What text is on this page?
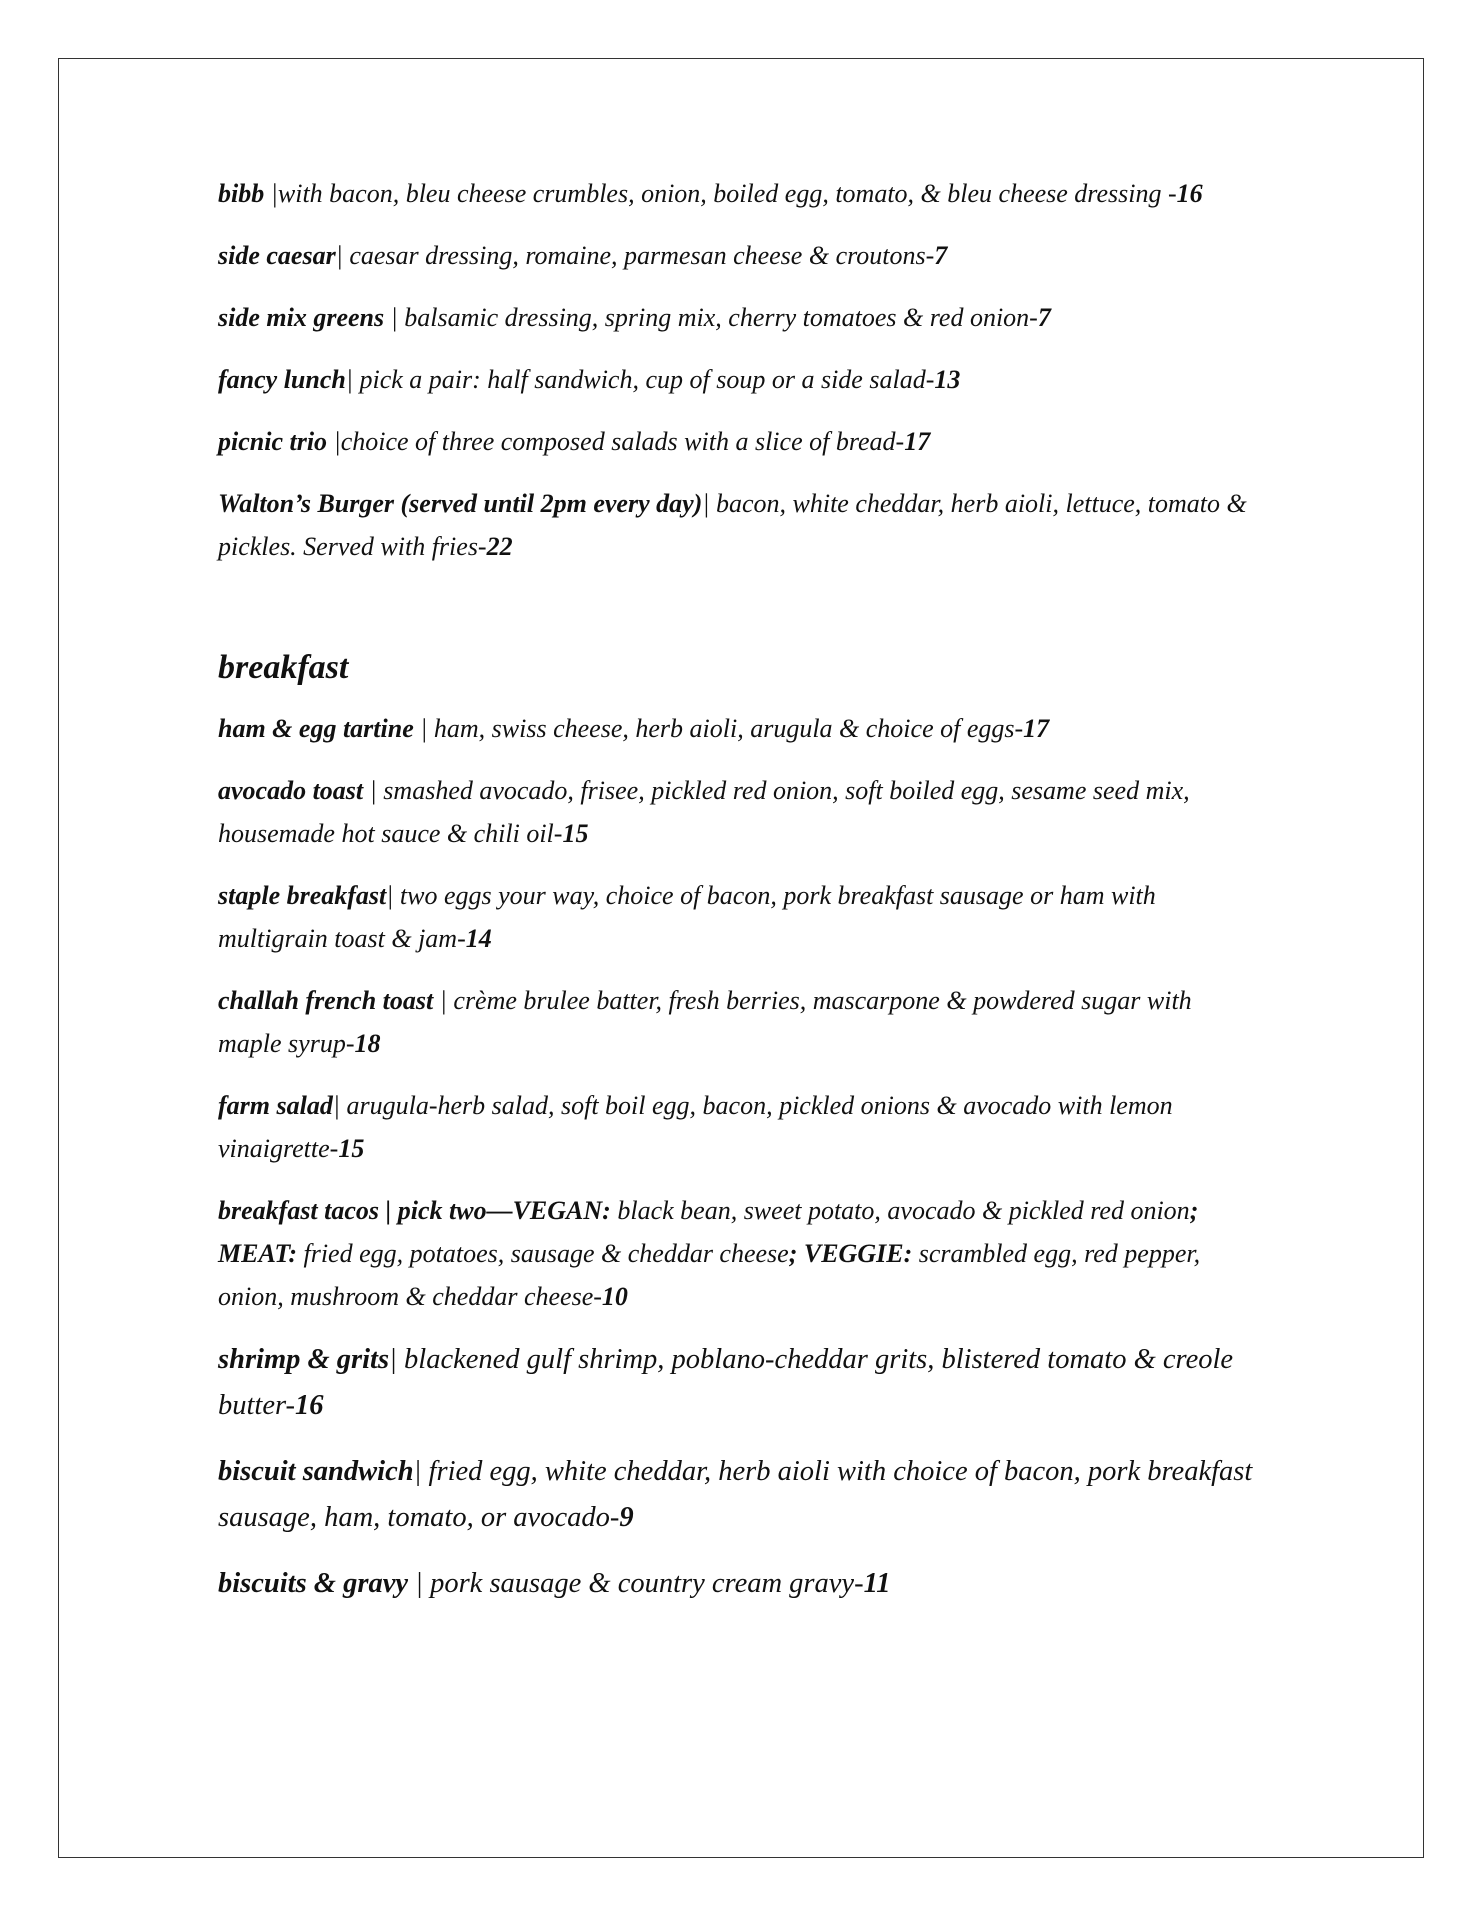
bibb |with bacon, bleu cheese crumbles, onion, boiled egg, tomato, & bleu cheese dressing -16

side caesar| caesar dressing, romaine, parmesan cheese & croutons-7

side mix greens | balsamic dressing, spring mix, cherry tomatoes & red onion-7

fancy lunch| pick a pair: half sandwich, cup of soup or a side salad-13

picnic trio |choice of three composed salads with a slice of bread-17

Walton’s Burger (served until 2pm every day)| bacon, white cheddar, herb aioli, lettuce, tomato & pickles. Served with fries-22

breakfast

ham & egg tartine | ham, swiss cheese, herb aioli, arugula & choice of eggs-17

avocado toast | smashed avocado, frisee, pickled red onion, soft boiled egg, sesame seed mix, housemade hot sauce & chili oil-15

staple breakfast| two eggs your way, choice of bacon, pork breakfast sausage or ham with multigrain toast & jam-14

challah french toast | crème brulee batter, fresh berries, mascarpone & powdered sugar with maple syrup-18

farm salad| arugula-herb salad, soft boil egg, bacon, pickled onions & avocado with lemon vinaigrette-15

breakfast tacos | pick two—VEGAN: black bean, sweet potato, avocado & pickled red onion; MEAT: fried egg, potatoes, sausage & cheddar cheese; VEGGIE: scrambled egg, red pepper, onion, mushroom & cheddar cheese-10

shrimp & grits| blackened gulf shrimp, poblano-cheddar grits, blistered tomato & creole butter-16

biscuit sandwich| fried egg, white cheddar, herb aioli with choice of bacon, pork breakfast sausage, ham, tomato, or avocado-9

biscuits & gravy | pork sausage & country cream gravy-11
